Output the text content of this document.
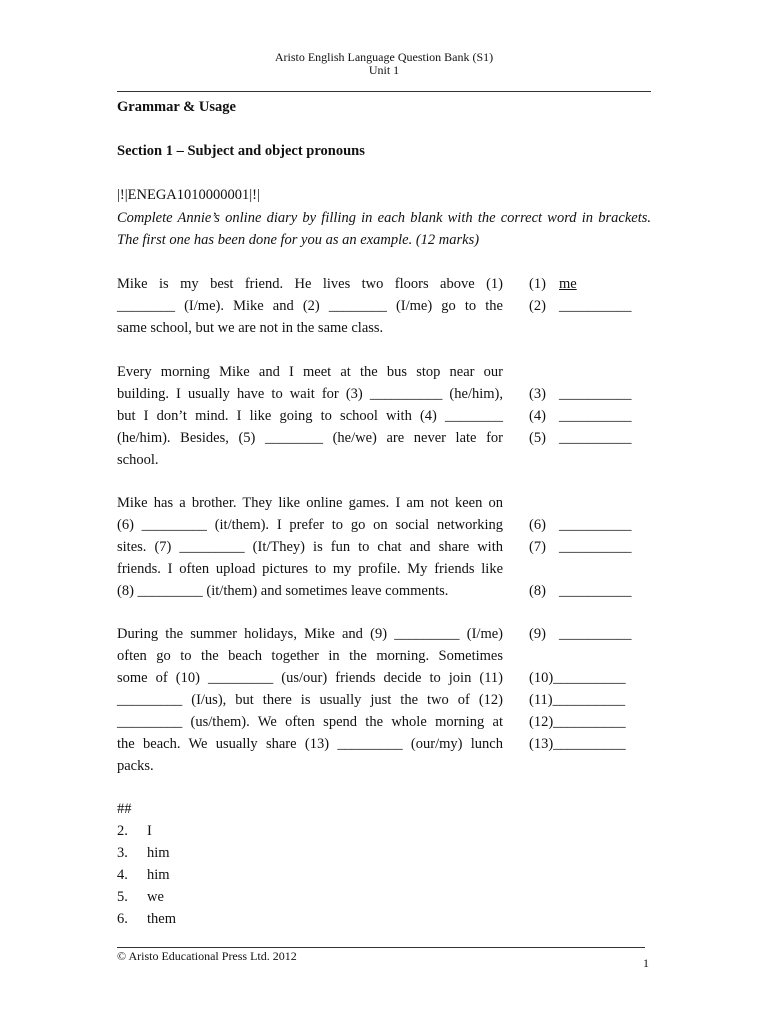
Aristo English Language Question Bank (S1)
Unit 1
Grammar & Usage
Section 1 – Subject and object pronouns
|!|ENEGA1010000001|!|
Complete Annie’s online diary by filling in each blank with the correct word in brackets. The first one has been done for you as an example. (12 marks)
Mike is my best friend. He lives two floors above (1)
________ (I/me). Mike and (2) ________ (I/me) go to the
same school, but we are not in the same class.
Every morning Mike and I meet at the bus stop near our
building. I usually have to wait for (3) __________ (he/him),
but I don’t mind. I like going to school with (4) ________
(he/him). Besides, (5) ________ (he/we) are never late for
school.
Mike has a brother. They like online games. I am not keen on
(6) _________ (it/them). I prefer to go on social networking
sites. (7) _________ (It/They) is fun to chat and share with
friends. I often upload pictures to my profile. My friends like
(8) _________ (it/them) and sometimes leave comments.
During the summer holidays, Mike and (9) _________ (I/me)
often go to the beach together in the morning. Sometimes
some of (10) _________ (us/our) friends decide to join (11)
_________ (I/us), but there is usually just the two of (12)
_________ (us/them). We often spend the whole morning at
the beach. We usually share (13) _________ (our/my) lunch
packs.
(1) me
(2) __________
(3) __________
(4) __________
(5) __________
(6) __________
(7) __________
(8) __________
(9) __________
(10)__________
(11)__________
(12)__________
(13)__________
##
2. I
3. him
4. him
5. we
6. them
© Aristo Educational Press Ltd. 2012	1
